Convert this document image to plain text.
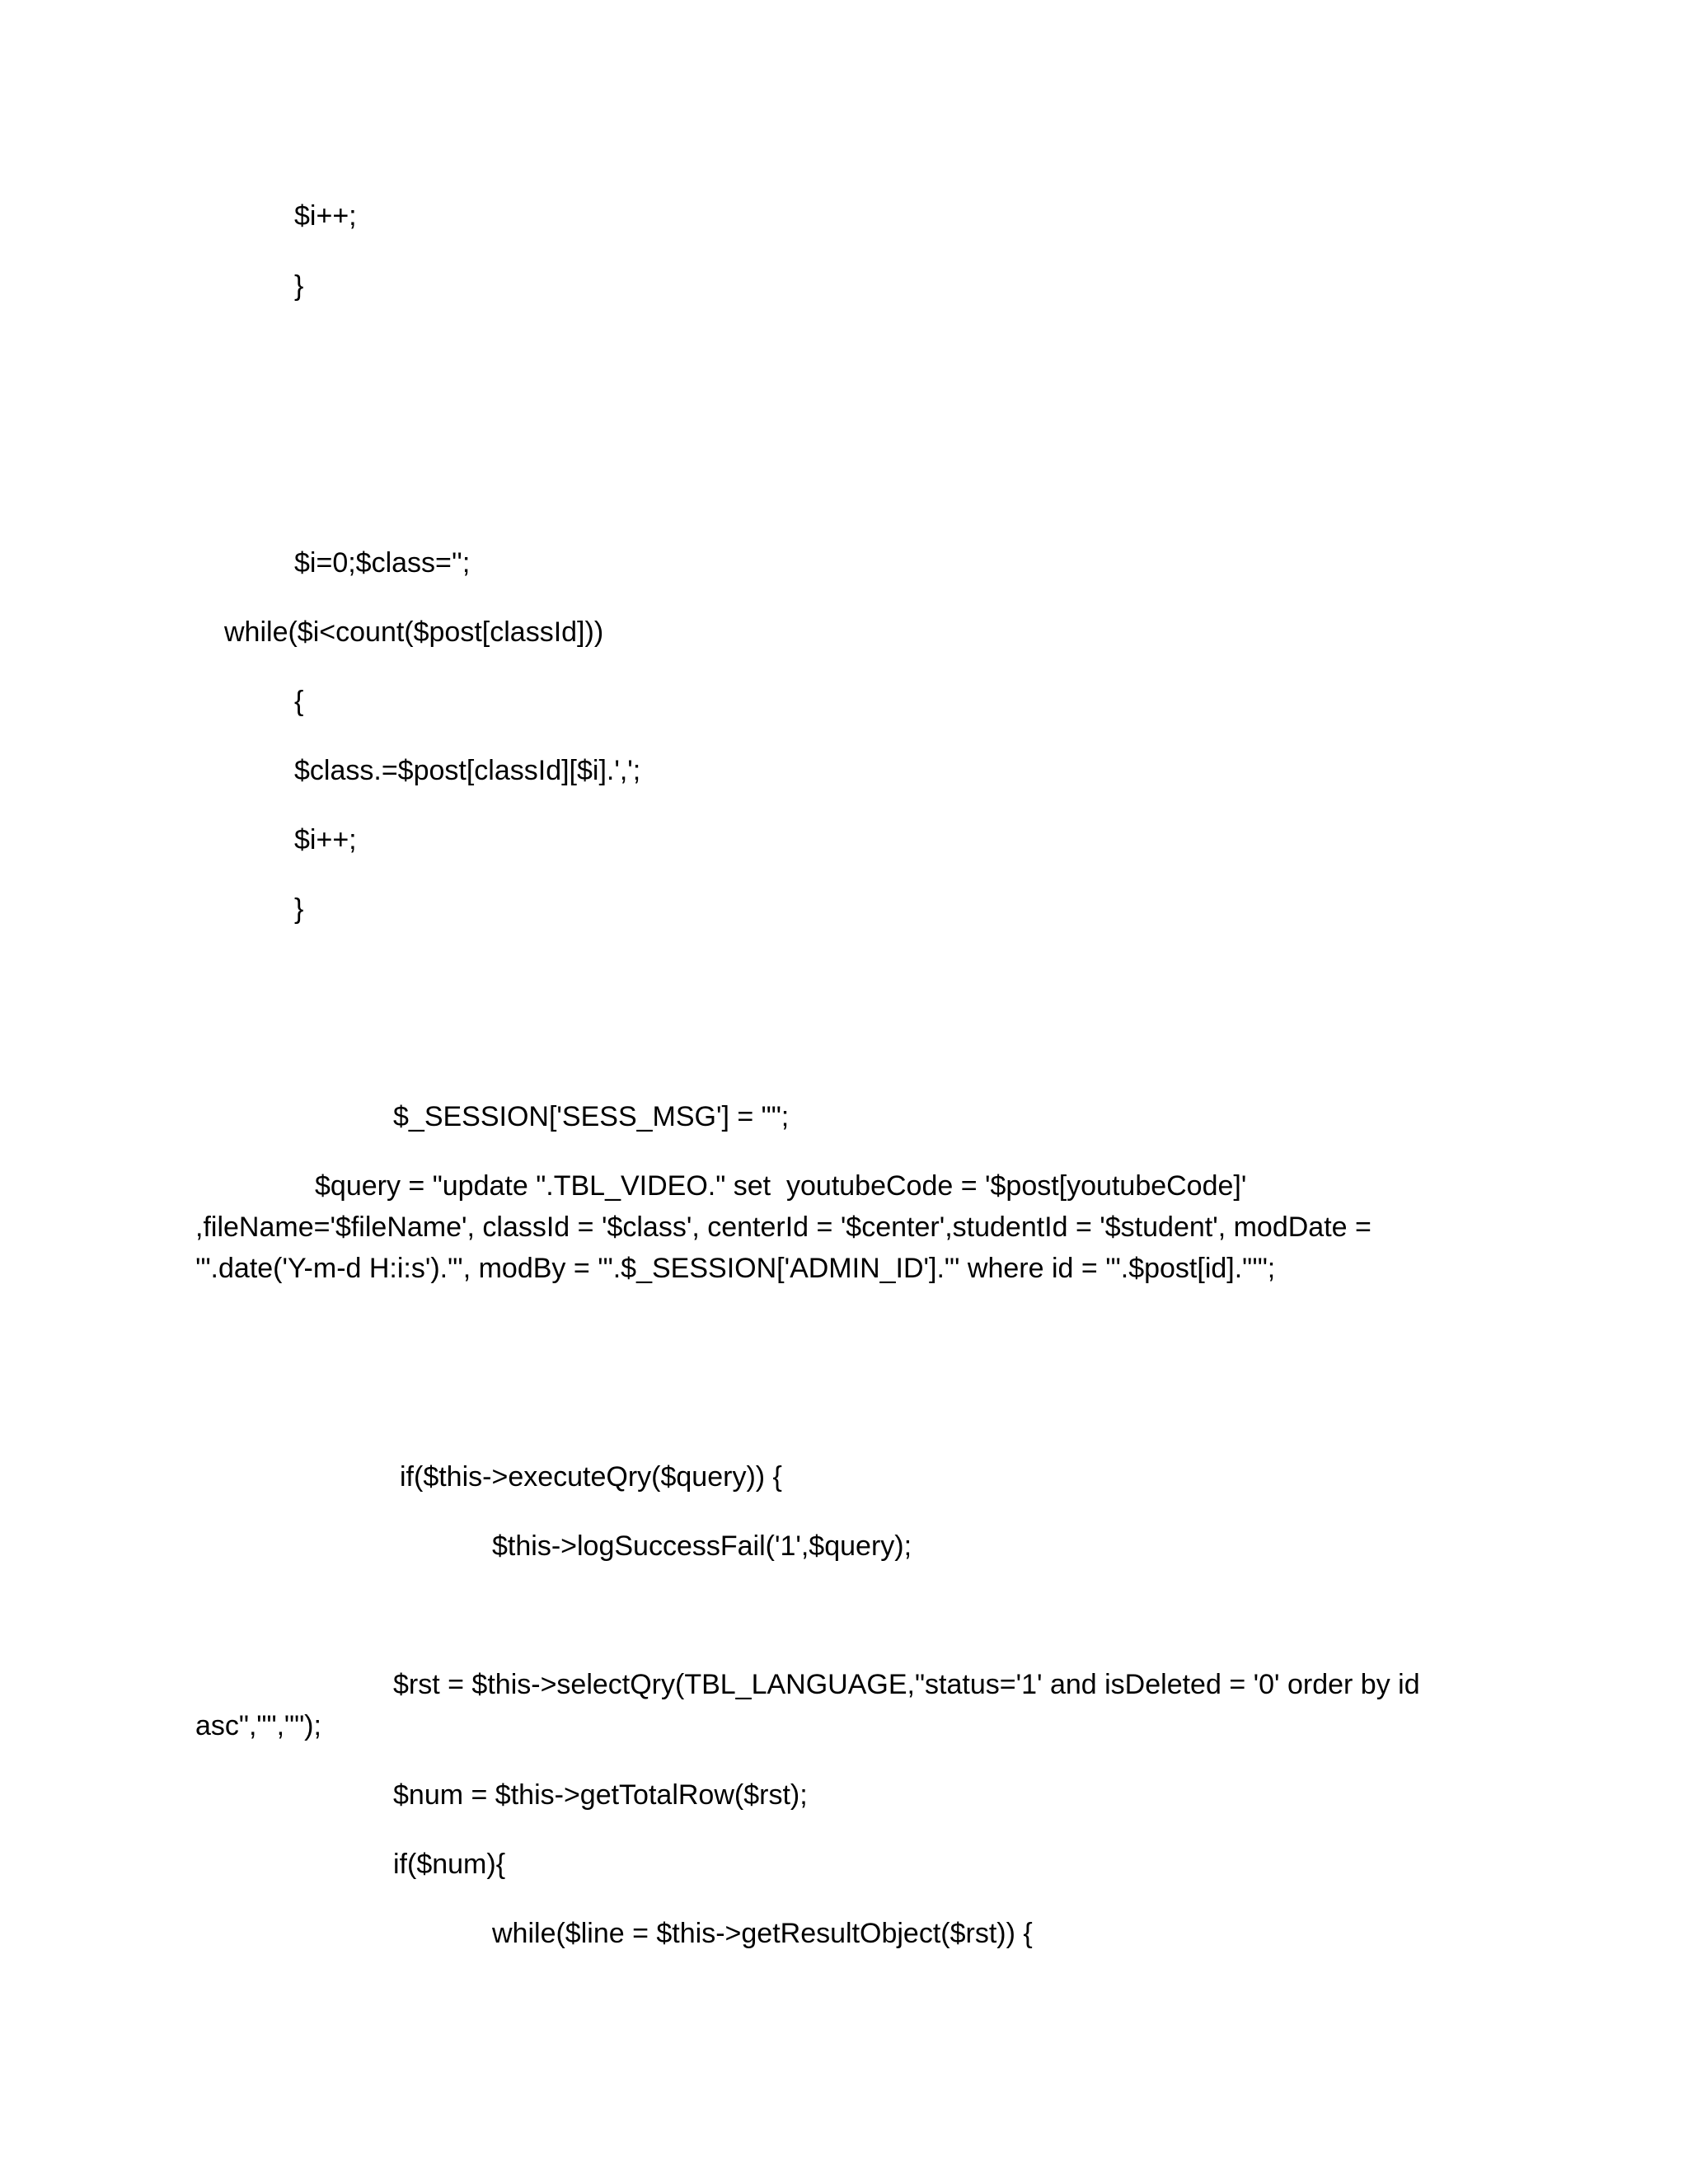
$i++;

}

$i=0;$class='';

while($i<count($post[classId]))

{

$class.=$post[classId][$i].',';

$i++;

}

$_SESSION['SESS_MSG'] = "";

$query = "update ".TBL_VIDEO." set  youtubeCode = '$post[youtubeCode]'

,fileName='$fileName', classId = '$class', centerId = '$center',studentId = '$student', modDate =

'".date('Y-m-d H:i:s')."', modBy = '".$_SESSION['ADMIN_ID']."' where id = '".$post[id]."'";

if($this->executeQry($query)) {

$this->logSuccessFail('1',$query);

$rst = $this->selectQry(TBL_LANGUAGE,"status='1' and isDeleted = '0' order by id

asc","","");

$num = $this->getTotalRow($rst);

if($num){

while($line = $this->getResultObject($rst)) {
